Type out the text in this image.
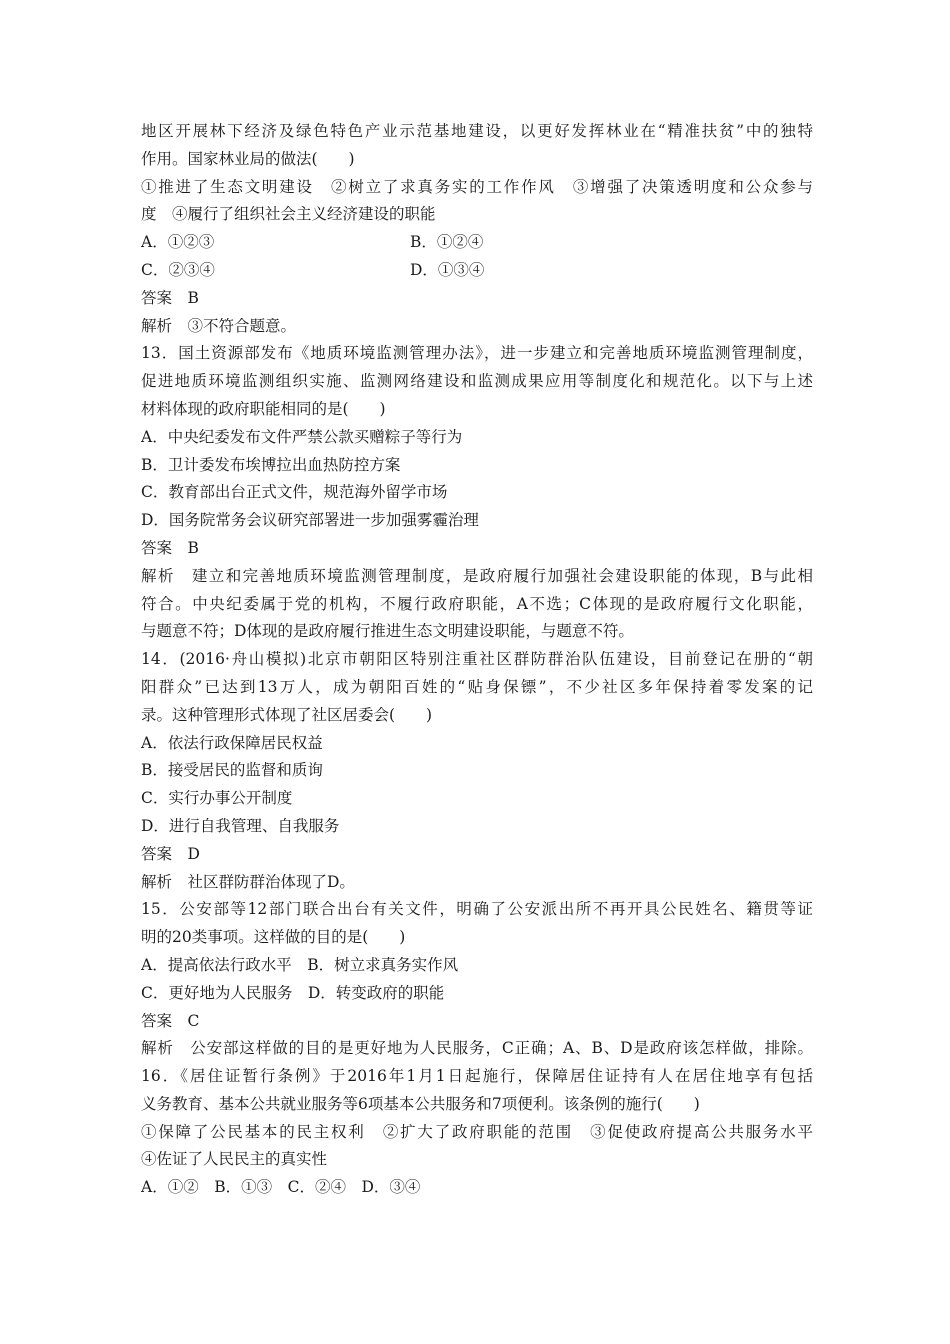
地区开展林下经济及绿色特色产业示范基地建设，以更好发挥林业在“精准扶贫”中的独特
作用。国家林业局的做法(　　)
①推进了生态文明建设　②树立了求真务实的工作作风　③增强了决策透明度和公众参与
度　④履行了组织社会主义经济建设的职能
A．①②③	B．①②④
C．②③④	D．①③④
答案　B
解析　③不符合题意。
13．国土资源部发布《地质环境监测管理办法》，进一步建立和完善地质环境监测管理制度，
促进地质环境监测组织实施、监测网络建设和监测成果应用等制度化和规范化。以下与上述
材料体现的政府职能相同的是(　　)
A．中央纪委发布文件严禁公款买赠粽子等行为
B．卫计委发布埃博拉出血热防控方案
C．教育部出台正式文件，规范海外留学市场
D．国务院常务会议研究部署进一步加强雾霾治理
答案　B
解析　建立和完善地质环境监测管理制度，是政府履行加强社会建设职能的体现，B与此相
符合。中央纪委属于党的机构，不履行政府职能，A不选；C体现的是政府履行文化职能，
与题意不符；D体现的是政府履行推进生态文明建设职能，与题意不符。
14．(2016·舟山模拟)北京市朝阳区特别注重社区群防群治队伍建设，目前登记在册的“朝
阳群众”已达到13万人，成为朝阳百姓的“贴身保镖”，不少社区多年保持着零发案的记
录。这种管理形式体现了社区居委会(　　)
A．依法行政保障居民权益
B．接受居民的监督和质询
C．实行办事公开制度
D．进行自我管理、自我服务
答案　D
解析　社区群防群治体现了D。
15．公安部等12部门联合出台有关文件，明确了公安派出所不再开具公民姓名、籍贯等证
明的20类事项。这样做的目的是(　　)
A．提高依法行政水平　B．树立求真务实作风
C．更好地为人民服务　D．转变政府的职能
答案　C
解析　公安部这样做的目的是更好地为人民服务，C正确；A、B、D是政府该怎样做，排除。
16．《居住证暂行条例》于2016年1月1日起施行，保障居住证持有人在居住地享有包括
义务教育、基本公共就业服务等6项基本公共服务和7项便利。该条例的施行(　　)
①保障了公民基本的民主权利　②扩大了政府职能的范围　③促使政府提高公共服务水平
④佐证了人民民主的真实性
A．①②　B．①③　C．②④　D．③④
